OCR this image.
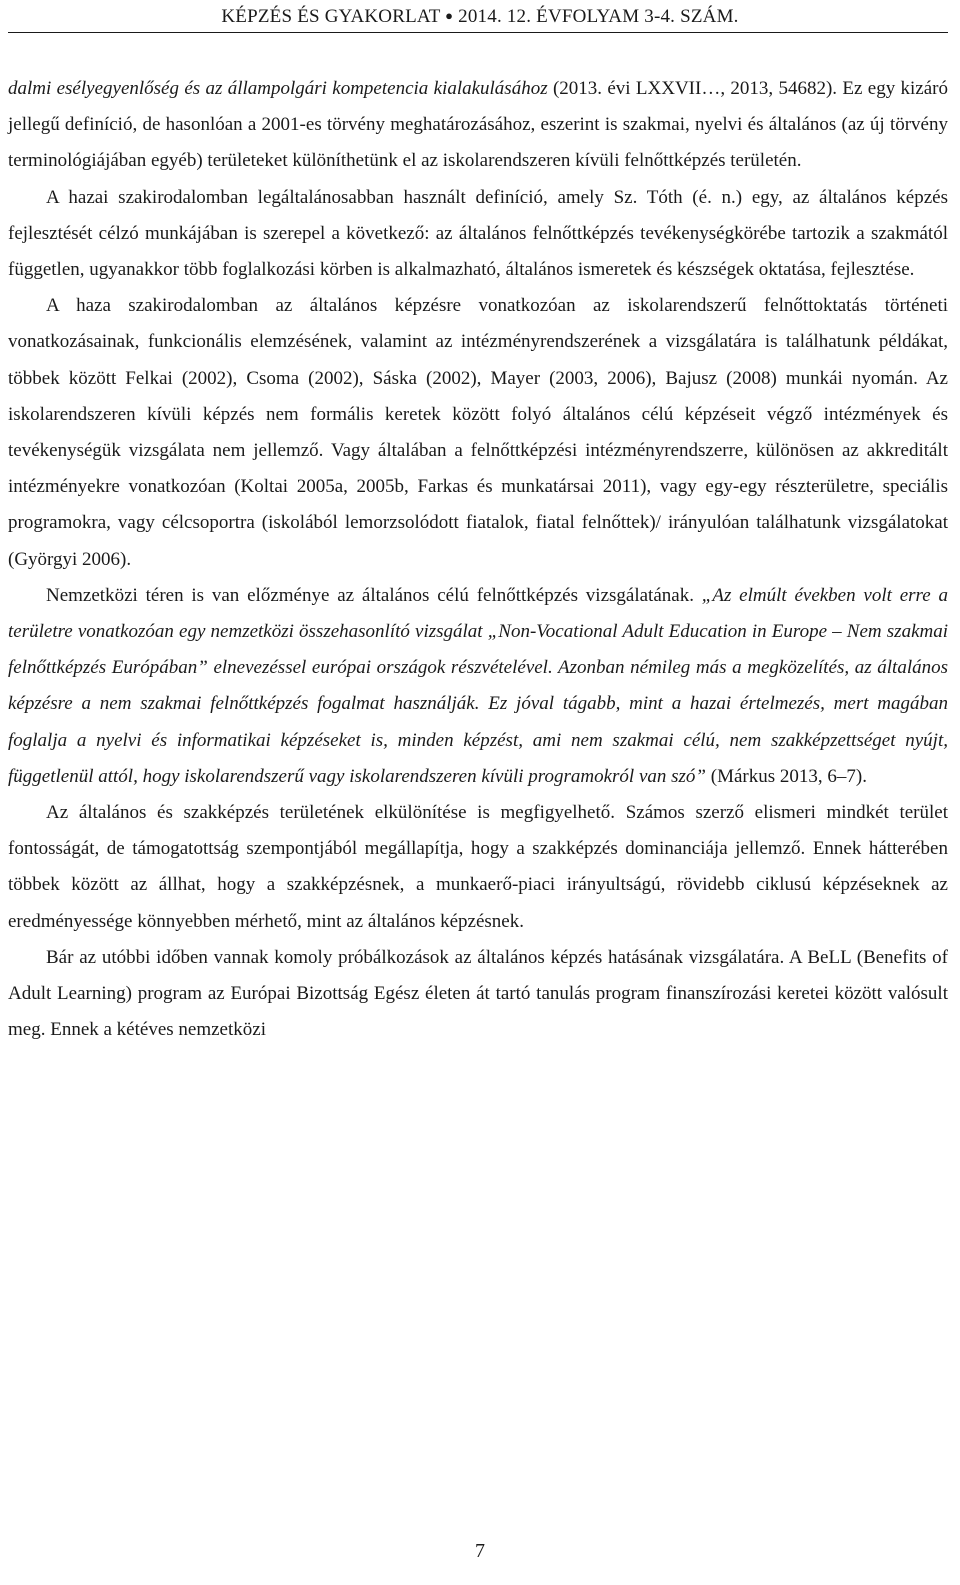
KÉPZÉS ÉS GYAKORLAT ● 2014. 12. ÉVFOLYAM 3-4. SZÁM.

dalmi esélyegyenlőség és az állampolgári kompetencia kialakulásához (2013. évi LXXVII…, 2013, 54682). Ez egy kizáró jellegű definíció, de hasonlóan a 2001-es törvény meghatározásához, eszerint is szakmai, nyelvi és általános (az új törvény terminológiájában egyéb) területeket különíthetünk el az iskolarendszeren kívüli felnőttképzés területén.

A hazai szakirodalomban legáltalánosabban használt definíció, amely Sz. Tóth (é. n.) egy, az általános képzés fejlesztését célzó munkájában is szerepel a következő: az általános felnőttképzés tevékenységkörébe tartozik a szakmától független, ugyanakkor több foglalkozási körben is alkalmazható, általános ismeretek és készségek oktatása, fejlesztése.

A haza szakirodalomban az általános képzésre vonatkozóan az iskolarendszerű felnőttoktatás történeti vonatkozásainak, funkcionális elemzésének, valamint az intézményrendszerének a vizsgálatára is találhatunk példákat, többek között Felkai (2002), Csoma (2002), Sáska (2002), Mayer (2003, 2006), Bajusz (2008) munkái nyomán. Az iskolarendszeren kívüli képzés nem formális keretek között folyó általános célú képzéseit végző intézmények és tevékenységük vizsgálata nem jellemző. Vagy általában a felnőttképzési intézményrendszerre, különösen az akkreditált intézményekre vonatkozóan (Koltai 2005a, 2005b, Farkas és munkatársai 2011), vagy egy-egy részterületre, speciális programokra, vagy célcsoportra (iskolából lemorzsolódott fiatalok, fiatal felnőttek)/ irányulóan találhatunk vizsgálatokat (Györgyi 2006).

Nemzetközi téren is van előzménye az általános célú felnőttképzés vizsgálatának. „Az elmúlt években volt erre a területre vonatkozóan egy nemzetközi összehasonlító vizsgálat „Non-Vocational Adult Education in Europe – Nem szakmai felnőttképzés Európában” elnevezéssel európai országok részvételével. Azonban némileg más a megközelítés, az általános képzésre a nem szakmai felnőttképzés fogalmat használják. Ez jóval tágabb, mint a hazai értelmezés, mert magában foglalja a nyelvi és informatikai képzéseket is, minden képzést, ami nem szakmai célú, nem szakképzettséget nyújt, függetlenül attól, hogy iskolarendszerű vagy iskolarendszeren kívüli programokról van szó” (Márkus 2013, 6–7).

Az általános és szakképzés területének elkülönítése is megfigyelhető. Számos szerző elismeri mindkét terület fontosságát, de támogatottság szempontjából megállapítja, hogy a szakképzés dominanciája jellemző. Ennek hátterében többek között az állhat, hogy a szakképzésnek, a munkaerő-piaci irányultságú, rövidebb ciklusú képzéseknek az eredményessége könnyebben mérhető, mint az általános képzésnek.

Bár az utóbbi időben vannak komoly próbálkozások az általános képzés hatásának vizsgálatára. A BeLL (Benefits of Adult Learning) program az Európai Bizottság Egész életen át tartó tanulás program finanszírozási keretei között valósult meg. Ennek a kétéves nemzetközi

7
